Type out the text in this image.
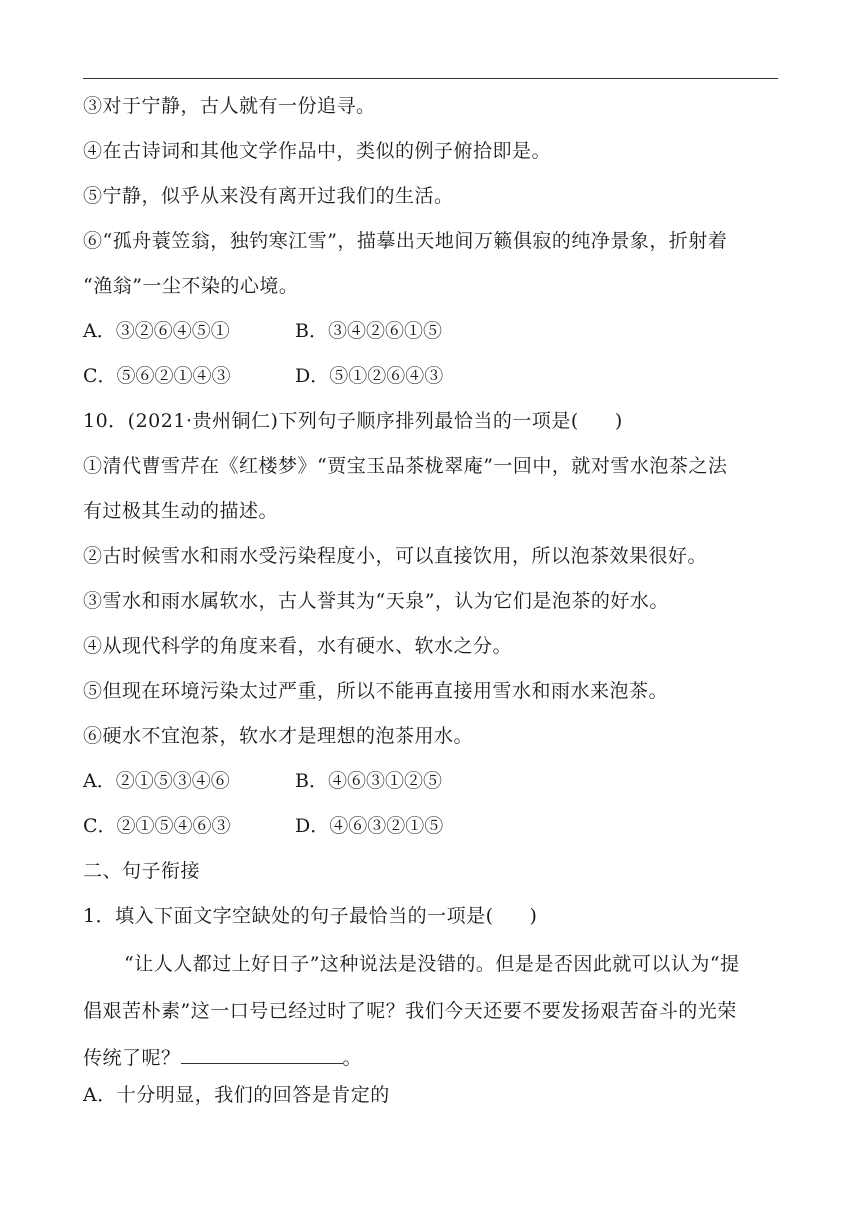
③对于宁静，古人就有一份追寻。
④在古诗词和其他文学作品中，类似的例子俯拾即是。
⑤宁静，似乎从来没有离开过我们的生活。
⑥“孤舟蓑笠翁，独钓寒江雪”，描摹出天地间万籁俱寂的纯净景象，折射着
“渔翁”一尘不染的心境。
A．③②⑥④⑤①	B．③④②⑥①⑤
C．⑤⑥②①④③	D．⑤①②⑥④③
10．(2021·贵州铜仁)下列句子顺序排列最恰当的一项是( )
①清代曹雪芹在《红楼梦》“贾宝玉品茶栊翠庵”一回中，就对雪水泡茶之法
有过极其生动的描述。
②古时候雪水和雨水受污染程度小，可以直接饮用，所以泡茶效果很好。
③雪水和雨水属软水，古人誉其为“天泉”，认为它们是泡茶的好水。
④从现代科学的角度来看，水有硬水、软水之分。
⑤但现在环境污染太过严重，所以不能再直接用雪水和雨水来泡茶。
⑥硬水不宜泡茶，软水才是理想的泡茶用水。
A．②①⑤③④⑥	B．④⑥③①②⑤
C．②①⑤④⑥③	D．④⑥③②①⑤
二、句子衔接
1．填入下面文字空缺处的句子最恰当的一项是( )
“让人人都过上好日子”这种说法是没错的。但是是否因此就可以认为“提
倡艰苦朴素”这一口号已经过时了呢？我们今天还要不要发扬艰苦奋斗的光荣
传统了呢？	。
A．十分明显，我们的回答是肯定的
